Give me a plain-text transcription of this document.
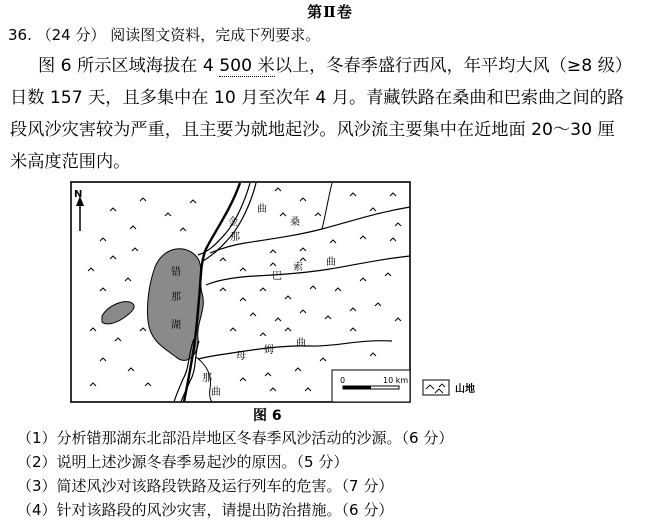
第Ⅱ卷
36. （24 分） 阅读图文资料，完成下列要求。

图 6 所示区域海拔在 4 500 米以上，冬春季盛行西风，年平均大风（≥8 级）

日数 157 天，且多集中在 10 月至次年 4 月。青藏铁路在桑曲和巴索曲之间的路

段风沙灾害较为严重，且主要为就地起沙。风沙流主要集中在近地面 20～30 厘

米高度范围内。

N
错
那
湖
金
那
曲
桑
巴
索 曲
母
姆
曲
那
曲
0	10 km
山地
图 6
（1）分析错那湖东北部沿岸地区冬春季风沙活动的沙源。（6 分）
（2）说明上述沙源冬春季易起沙的原因。（5 分）
（3）简述风沙对该路段铁路及运行列车的危害。（7 分）
（4）针对该路段的风沙灾害，请提出防治措施。（6 分）
